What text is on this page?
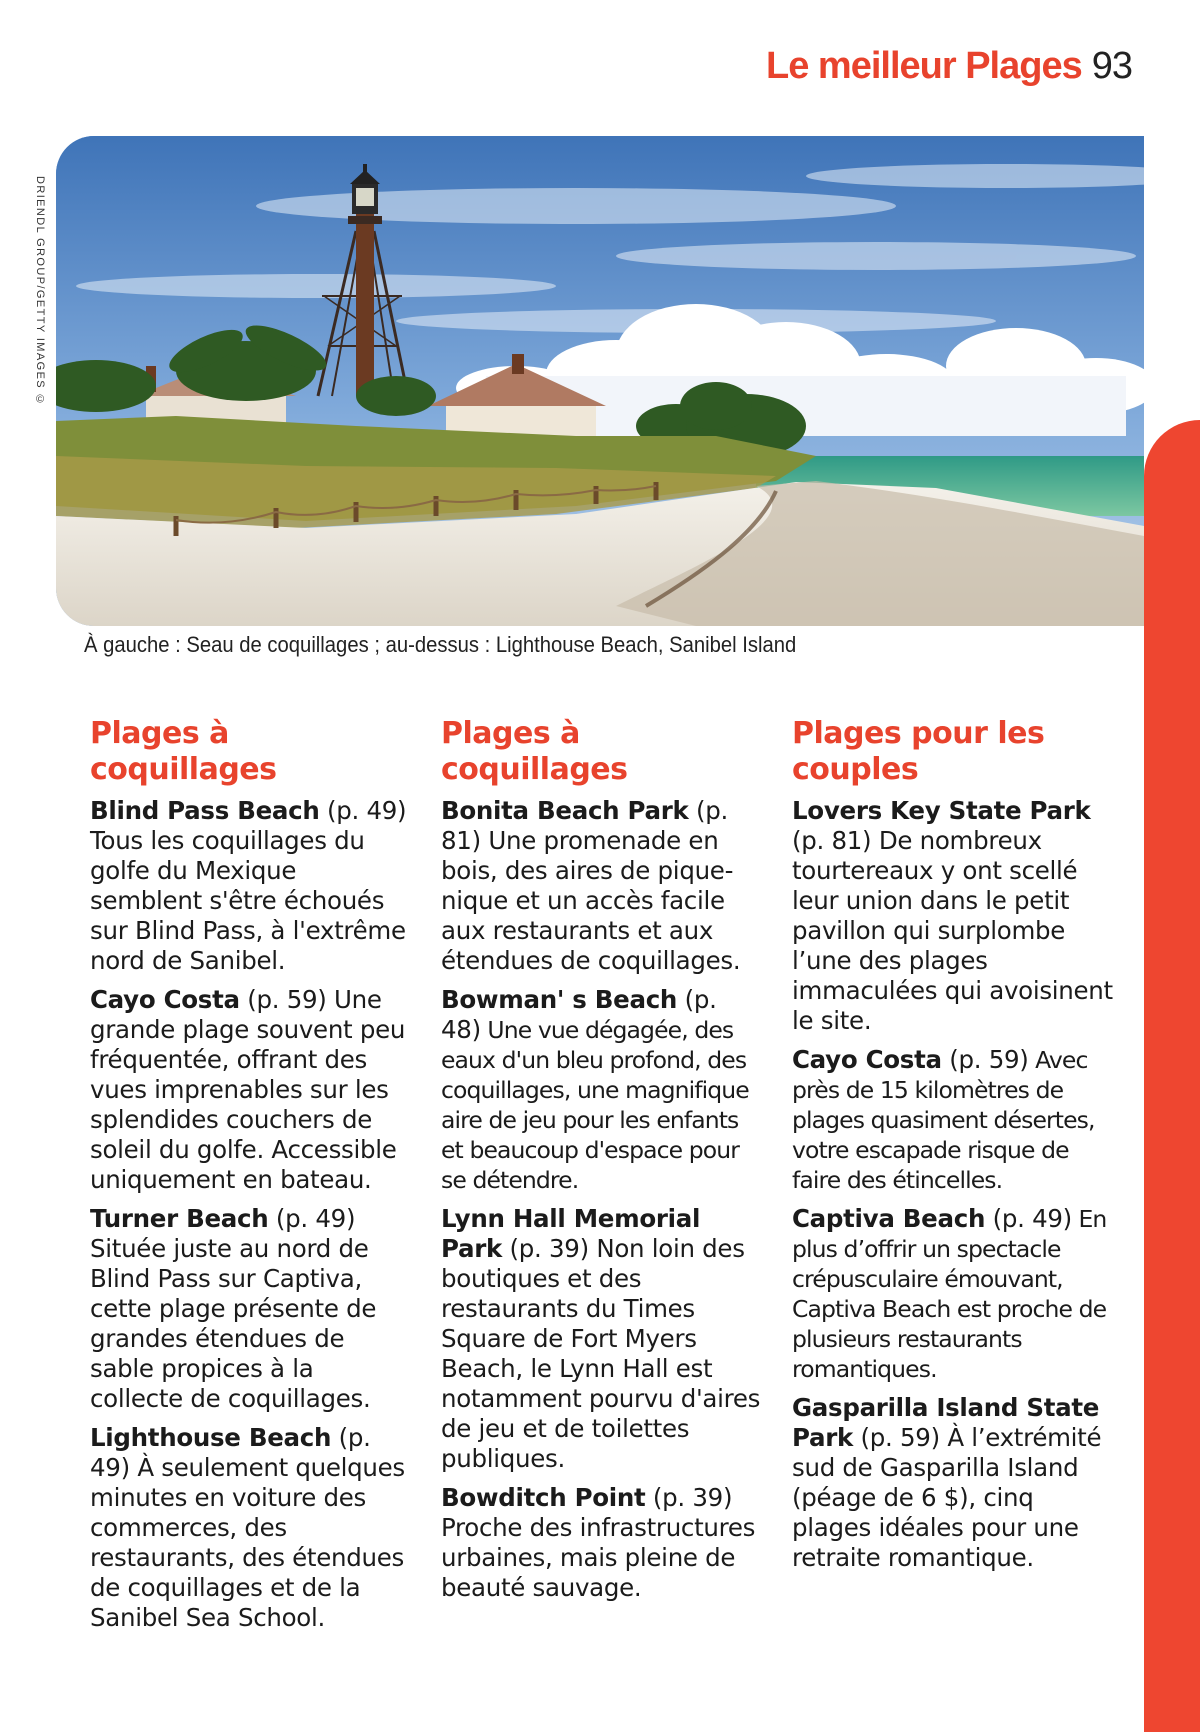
Le meilleur Plages 93
DRIENDL GROUP/GETTY IMAGES ©
À gauche : Seau de coquillages ; au-dessus : Lighthouse Beach, Sanibel Island
Plages à coquillages
Blind Pass Beach (p. 49) Tous les coquillages du golfe du Mexique semblent s'être échoués sur Blind Pass, à l'extrême nord de Sanibel.
Cayo Costa (p. 59) Une grande plage souvent peu fréquentée, offrant des vues imprenables sur les splendides couchers de soleil du golfe. Accessible uniquement en bateau.
Turner Beach (p. 49) Située juste au nord de Blind Pass sur Captiva, cette plage présente de grandes étendues de sable propices à la collecte de coquillages.
Lighthouse Beach (p. 49) À seulement quelques minutes en voiture des commerces, des restaurants, des étendues de coquillages et de la Sanibel Sea School.
Plages à coquillages
Bonita Beach Park (p. 81) Une promenade en bois, des aires de pique-nique et un accès facile aux restaurants et aux étendues de coquillages.
Bowman' s Beach (p. 48) Une vue dégagée, des eaux d'un bleu profond, des coquillages, une magnifique aire de jeu pour les enfants et beaucoup d'espace pour se détendre.
Lynn Hall Memorial Park (p. 39) Non loin des boutiques et des restaurants du Times Square de Fort Myers Beach, le Lynn Hall est notamment pourvu d'aires de jeu et de toilettes publiques.
Bowditch Point (p. 39) Proche des infrastructures urbaines, mais pleine de beauté sauvage.
Plages pour les couples
Lovers Key State Park (p. 81) De nombreux tourtereaux y ont scellé leur union dans le petit pavillon qui surplombe l’une des plages immaculées qui avoisinent le site.
Cayo Costa (p. 59) Avec près de 15 kilomètres de plages quasiment désertes, votre escapade risque de faire des étincelles.
Captiva Beach (p. 49) En plus d’offrir un spectacle crépusculaire émouvant, Captiva Beach est proche de plusieurs restaurants romantiques.
Gasparilla Island State Park (p. 59) À l’extrémité sud de Gasparilla Island (péage de 6 $), cinq plages idéales pour une retraite romantique.
